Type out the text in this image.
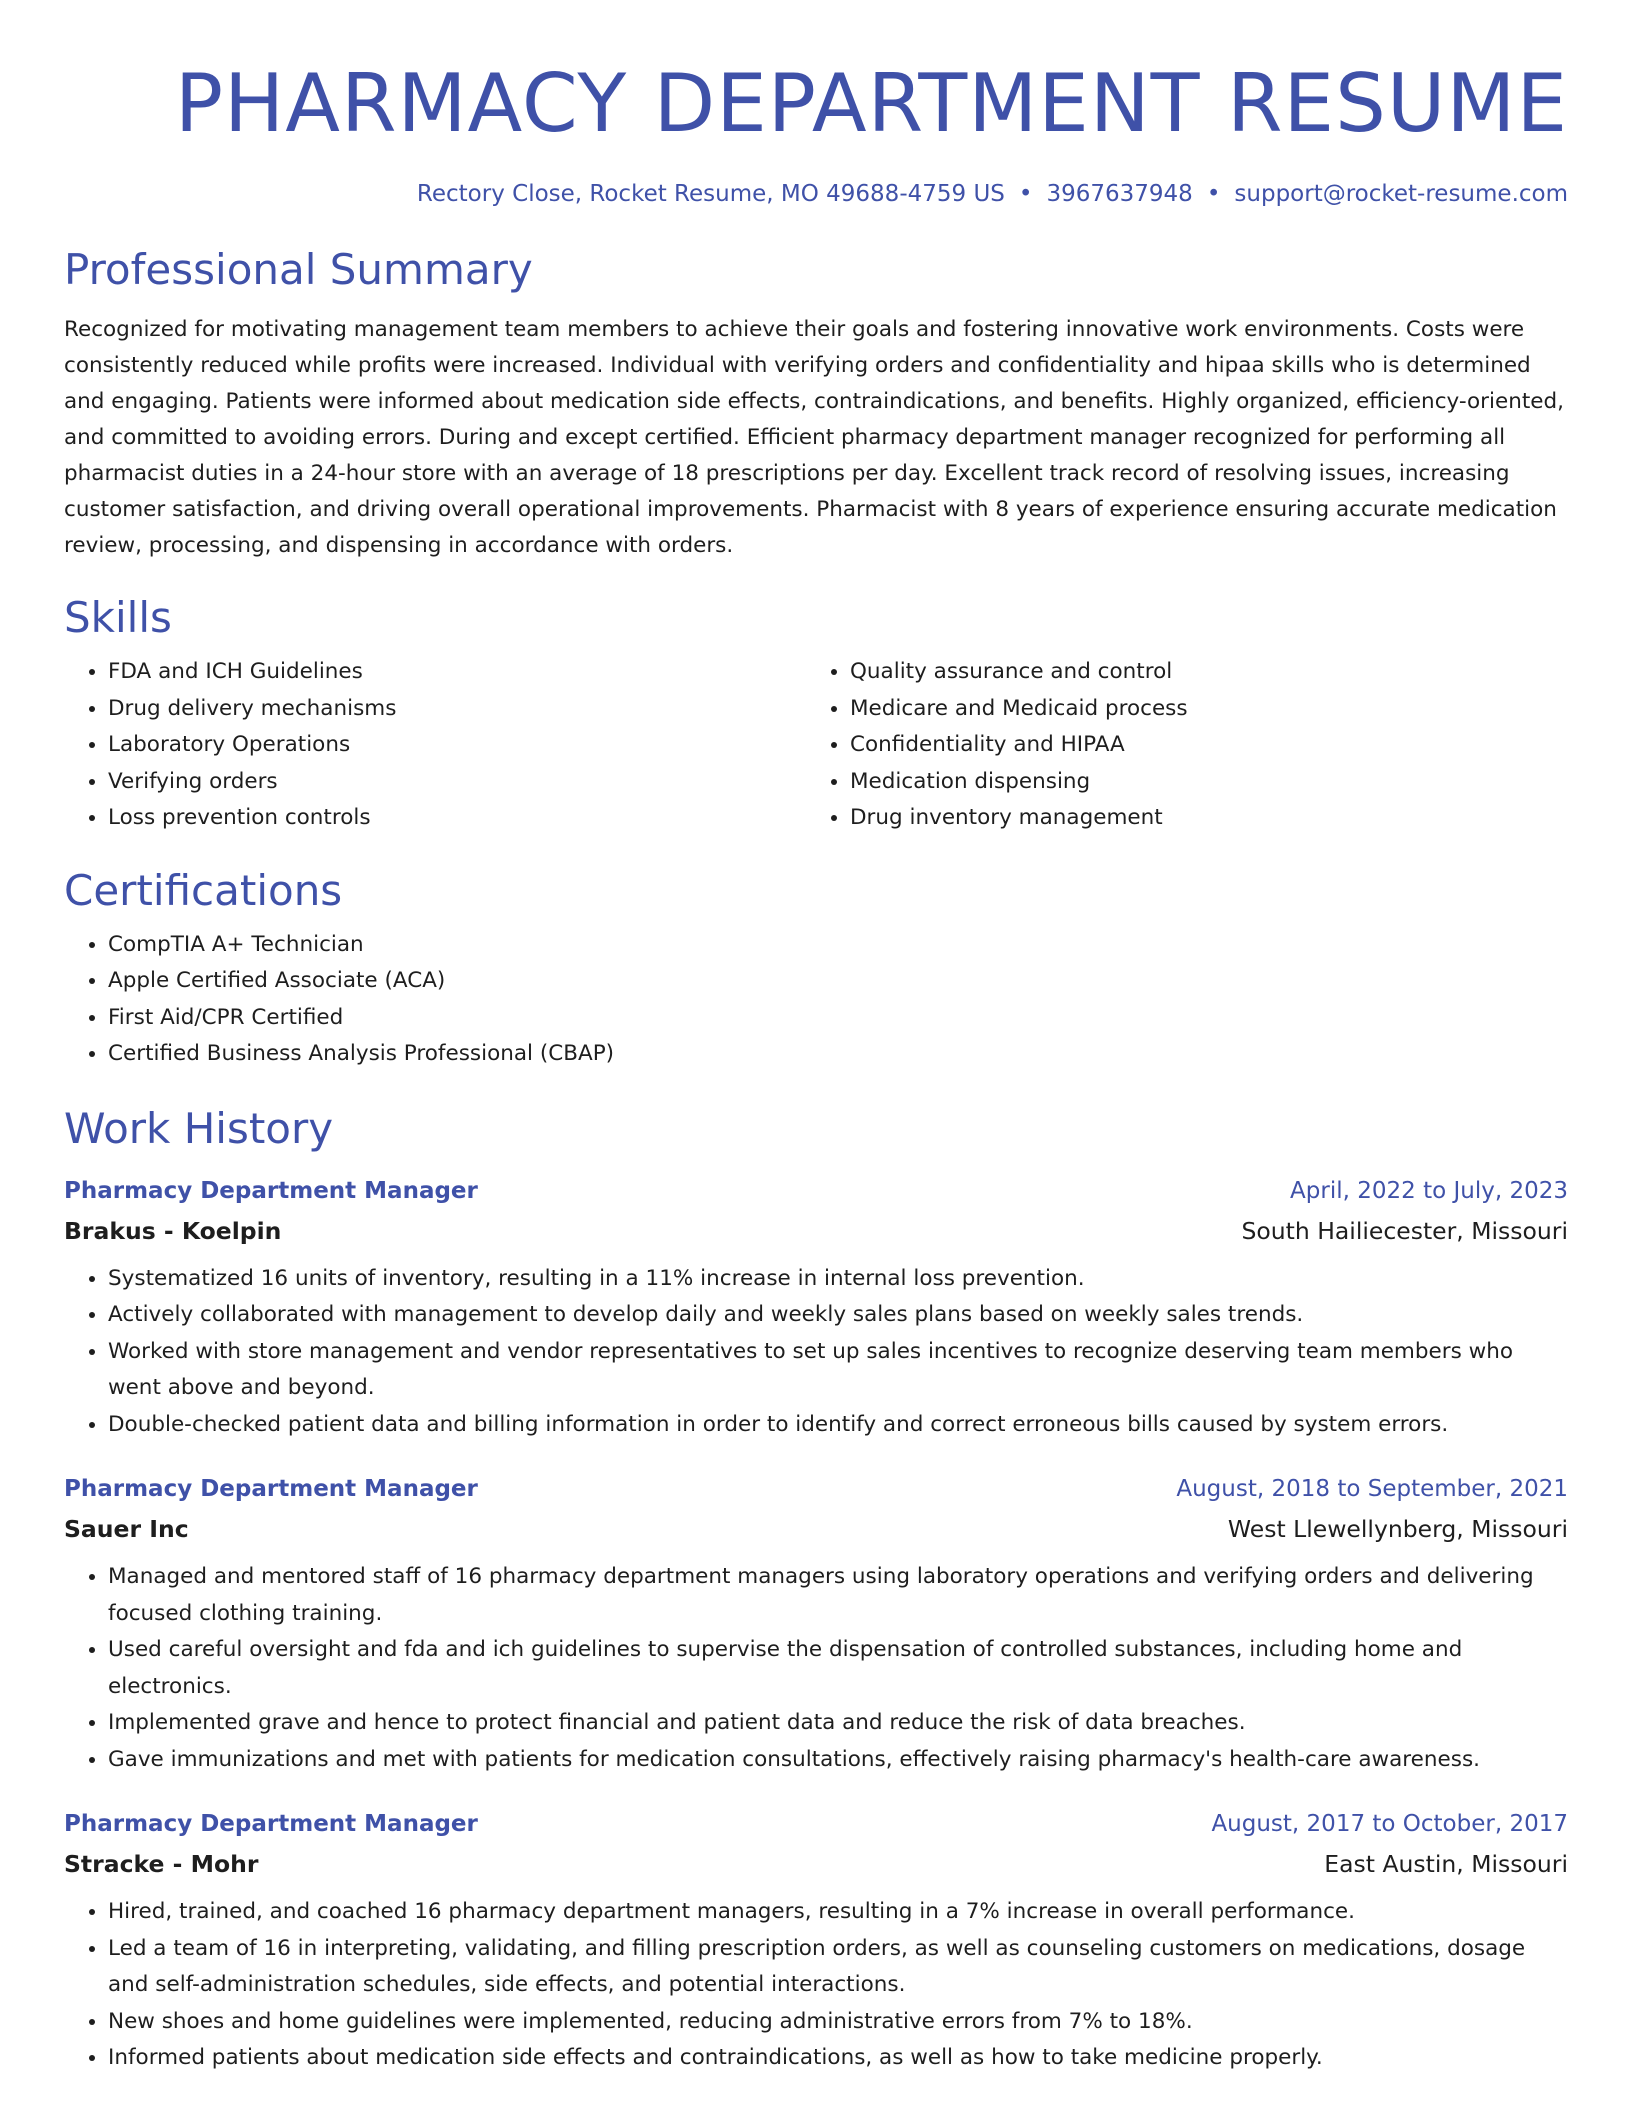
PHARMACY DEPARTMENT RESUME
Rectory Close, Rocket Resume, MO 49688-4759 US • 3967637948 • support@rocket-resume.com
Professional Summary

Recognized for motivating management team members to achieve their goals and fostering innovative work environments. Costs were consistently reduced while profits were increased. Individual with verifying orders and confidentiality and hipaa skills who is determined and engaging. Patients were informed about medication side effects, contraindications, and benefits. Highly organized, efficiency-oriented, and committed to avoiding errors. During and except certified. Efficient pharmacy department manager recognized for performing all pharmacist duties in a 24-hour store with an average of 18 prescriptions per day. Excellent track record of resolving issues, increasing customer satisfaction, and driving overall operational improvements. Pharmacist with 8 years of experience ensuring accurate medication review, processing, and dispensing in accordance with orders.

Skills
• FDA and ICH Guidelines
• Drug delivery mechanisms
• Laboratory Operations
• Verifying orders
• Loss prevention controls
• Quality assurance and control
• Medicare and Medicaid process
• Confidentiality and HIPAA
• Medication dispensing
• Drug inventory management
Certifications
• CompTIA A+ Technician
• Apple Certified Associate (ACA)
• First Aid/CPR Certified
• Certified Business Analysis Professional (CBAP)
Work History
Pharmacy Department Manager	April, 2022 to July, 2023
Brakus - Koelpin	South Hailiecester, Missouri
• Systematized 16 units of inventory, resulting in a 11% increase in internal loss prevention.
• Actively collaborated with management to develop daily and weekly sales plans based on weekly sales trends.
• Worked with store management and vendor representatives to set up sales incentives to recognize deserving team members who went above and beyond.
• Double-checked patient data and billing information in order to identify and correct erroneous bills caused by system errors.
Pharmacy Department Manager	August, 2018 to September, 2021
Sauer Inc	West Llewellynberg, Missouri
• Managed and mentored staff of 16 pharmacy department managers using laboratory operations and verifying orders and delivering focused clothing training.
• Used careful oversight and fda and ich guidelines to supervise the dispensation of controlled substances, including home and electronics.
• Implemented grave and hence to protect financial and patient data and reduce the risk of data breaches.
• Gave immunizations and met with patients for medication consultations, effectively raising pharmacy's health-care awareness.
Pharmacy Department Manager	August, 2017 to October, 2017
Stracke - Mohr	East Austin, Missouri
• Hired, trained, and coached 16 pharmacy department managers, resulting in a 7% increase in overall performance.
• Led a team of 16 in interpreting, validating, and filling prescription orders, as well as counseling customers on medications, dosage and self-administration schedules, side effects, and potential interactions.
• New shoes and home guidelines were implemented, reducing administrative errors from 7% to 18%.
• Informed patients about medication side effects and contraindications, as well as how to take medicine properly.
